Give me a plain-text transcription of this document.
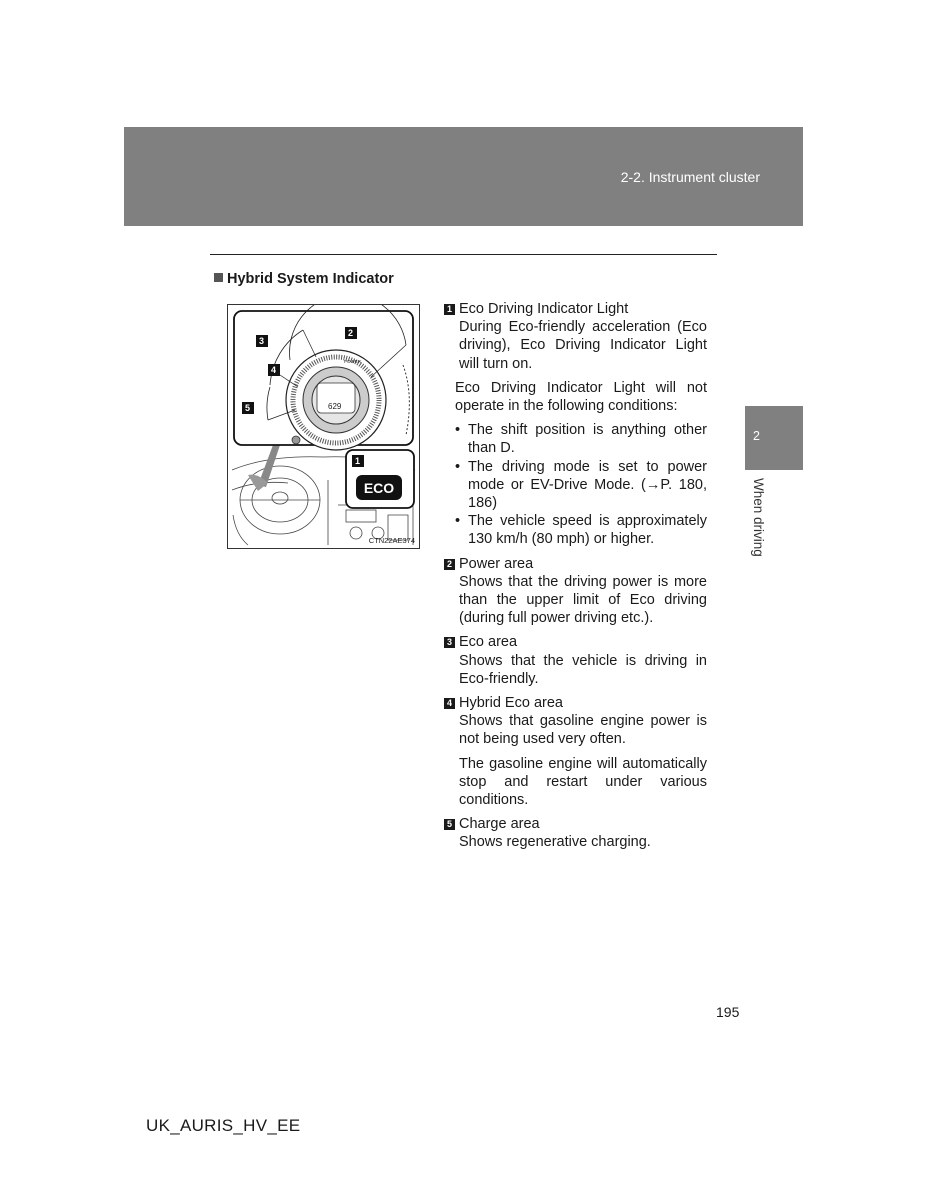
2-2. Instrument cluster
Hybrid System Indicator
POWER
629
2
3
4
5
1
ECO
CTN22AE374
1 Eco Driving Indicator Light
During Eco-friendly acceleration (Eco driving), Eco Driving Indicator Light will turn on.
Eco Driving Indicator Light will not operate in the following conditions:
• The shift position is anything other than D.
• The driving mode is set to power mode or EV-Drive Mode. (→P. 180, 186)
• The vehicle speed is approximately 130 km/h (80 mph) or higher.
2 Power area
Shows that the driving power is more than the upper limit of Eco driving (during full power driving etc.).
3 Eco area
Shows that the vehicle is driving in Eco-friendly.
4 Hybrid Eco area
Shows that gasoline engine power is not being used very often.
The gasoline engine will automatically stop and restart under various conditions.
5 Charge area
Shows regenerative charging.
2
When driving
195
UK_AURIS_HV_EE
